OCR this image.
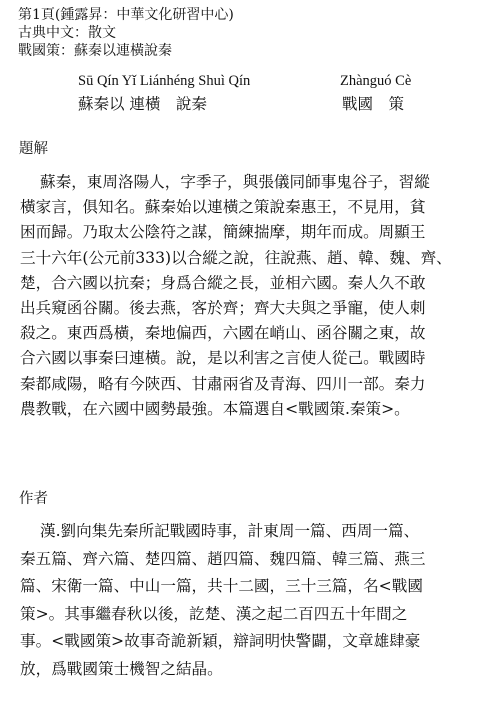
第1頁(鍾露昇：中華文化研習中心)
古典中文：散文
戰國策：蘇秦以連橫說秦
Sū Qín Yǐ Liánhéng Shuì Qín
蘇秦以 連橫　說秦
Zhànguó Cè
戰國　策
題解
蘇秦，東周洛陽人，字季子，與張儀同師事鬼谷子，習縱
橫家言，俱知名。蘇秦始以連橫之策說秦惠王，不見用，貧
困而歸。乃取太公陰符之謀，簡練揣摩，期年而成。周顯王
三十六年(公元前333)以合縱之說，往說燕、趙、韓、魏、齊、
楚，合六國以抗秦；身爲合縱之長，並相六國。秦人久不敢
出兵窺函谷關。後去燕，客於齊；齊大夫與之爭寵，使人刺
殺之。東西爲橫，秦地偏西，六國在峭山、函谷關之東，故
合六國以事秦曰連橫。說，是以利害之言使人從己。戰國時
秦都咸陽，略有今陝西、甘肅兩省及青海、四川一部。秦力
農教戰，在六國中國勢最強。本篇選自<戰國策.秦策>。
作者
漢.劉向集先秦所記戰國時事，計東周一篇、西周一篇、
秦五篇、齊六篇、楚四篇、趙四篇、魏四篇、韓三篇、燕三
篇、宋衛一篇、中山一篇，共十二國，三十三篇，名<戰國
策>。其事繼春秋以後，訖楚、漢之起二百四五十年間之
事。<戰國策>故事奇詭新穎，辯詞明快警闢，文章雄肆豪
放，爲戰國策士機智之結晶。
